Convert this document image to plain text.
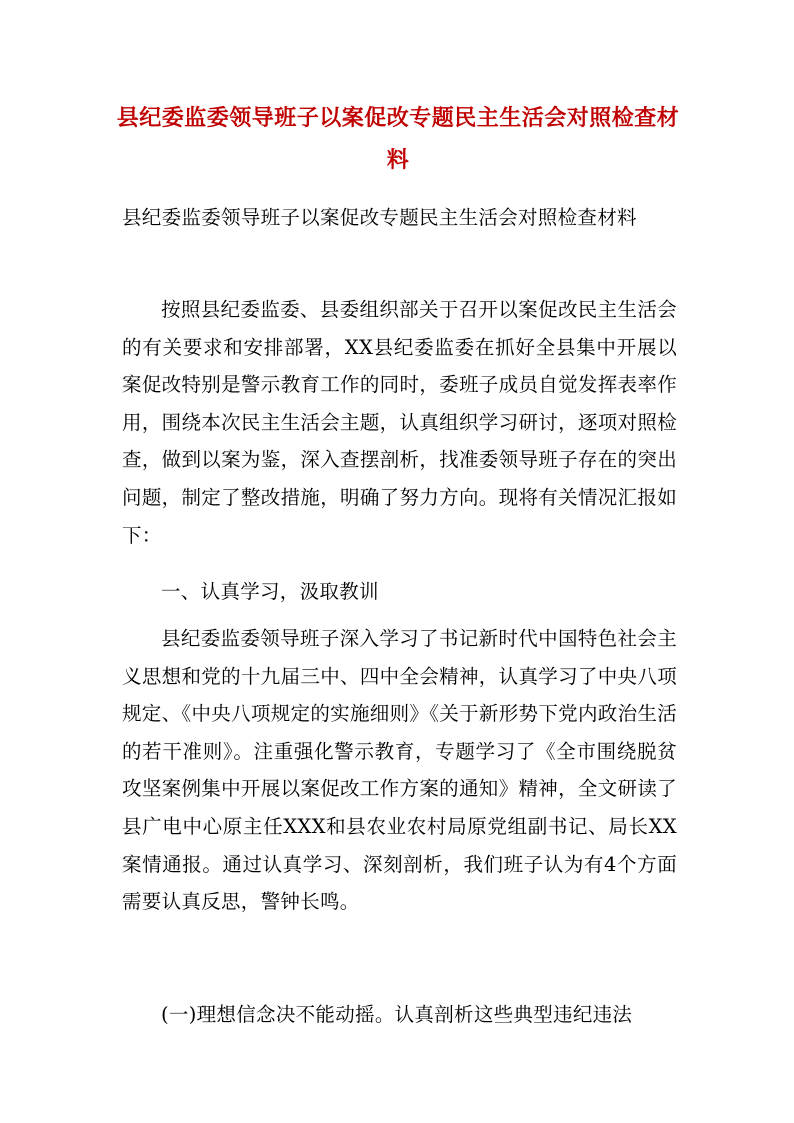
县纪委监委领导班子以案促改专题民主生活会对照检查材料

县纪委监委领导班子以案促改专题民主生活会对照检查材料

按照县纪委监委、县委组织部关于召开以案促改民主生活会的有关要求和安排部署，XX县纪委监委在抓好全县集中开展以案促改特别是警示教育工作的同时，委班子成员自觉发挥表率作用，围绕本次民主生活会主题，认真组织学习研讨，逐项对照检查，做到以案为鉴，深入查摆剖析，找准委领导班子存在的突出问题，制定了整改措施，明确了努力方向。现将有关情况汇报如下：

一、认真学习，汲取教训

县纪委监委领导班子深入学习了书记新时代中国特色社会主义思想和党的十九届三中、四中全会精神，认真学习了中央八项规定、《中央八项规定的实施细则》《关于新形势下党内政治生活的若干准则》。注重强化警示教育，专题学习了《全市围绕脱贫攻坚案例集中开展以案促改工作方案的通知》精神，全文研读了县广电中心原主任XXX和县农业农村局原党组副书记、局长XX案情通报。通过认真学习、深刻剖析，我们班子认为有4个方面需要认真反思，警钟长鸣。

(一)理想信念决不能动摇。认真剖析这些典型违纪违法
